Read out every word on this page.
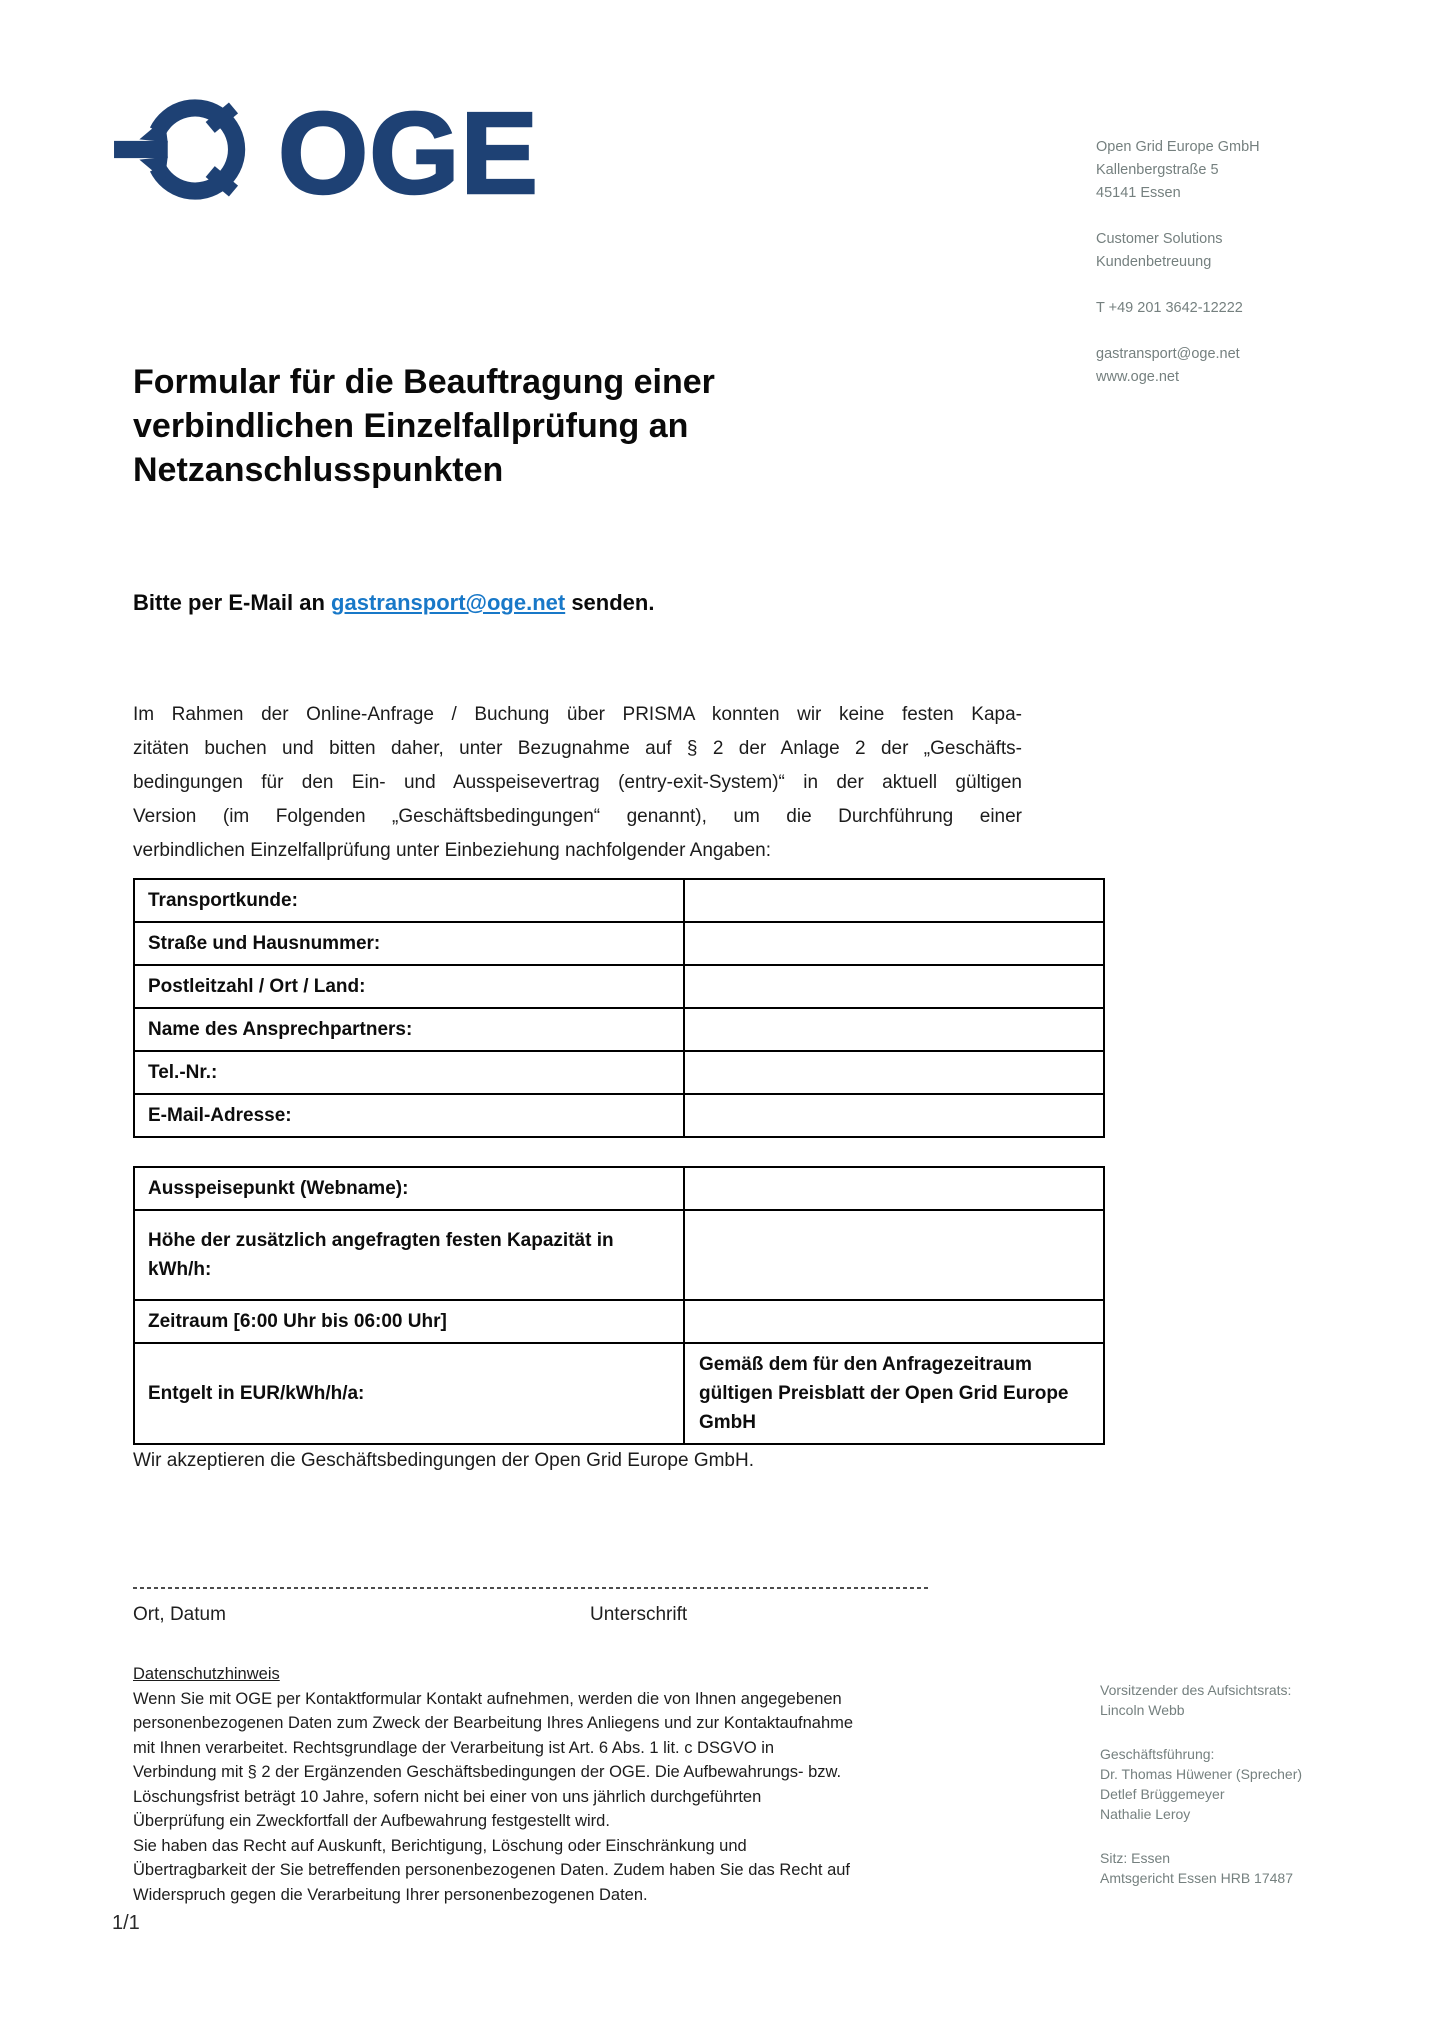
OGE	Open Grid Europe GmbH
Kallenbergstraße 5
45141 Essen
Customer Solutions
Kundenbetreuung
T +49 201 3642-12222
gastransport@oge.net
www.oge.net
Formular für die Beauftragung einer
verbindlichen Einzelfallprüfung an
Netzanschlusspunkten
Bitte per E-Mail an gastransport@oge.net senden.
Im Rahmen der Online-Anfrage / Buchung über PRISMA konnten wir keine festen Kapa-
zitäten buchen und bitten daher, unter Bezugnahme auf § 2 der Anlage 2 der „Geschäfts-
bedingungen für den Ein- und Ausspeisevertrag (entry-exit-System)“ in der aktuell gültigen
Version (im Folgenden „Geschäftsbedingungen“ genannt), um die Durchführung einer
verbindlichen Einzelfallprüfung unter Einbeziehung nachfolgender Angaben:
Transportkunde:
Straße und Hausnummer:
Postleitzahl / Ort / Land:
Name des Ansprechpartners:
Tel.-Nr.:
E-Mail-Adresse:
Ausspeisepunkt (Webname):
Höhe der zusätzlich angefragten festen Kapazität in kWh/h:
Zeitraum [6:00 Uhr bis 06:00 Uhr]
Entgelt in EUR/kWh/h/a:
Gemäß dem für den Anfragezeitraum gültigen Preisblatt der Open Grid Europe GmbH
Wir akzeptieren die Geschäftsbedingungen der Open Grid Europe GmbH.
Ort, Datum	Unterschrift
Datenschutzhinweis
Wenn Sie mit OGE per Kontaktformular Kontakt aufnehmen, werden die von Ihnen angegebenen
personenbezogenen Daten zum Zweck der Bearbeitung Ihres Anliegens und zur Kontaktaufnahme
mit Ihnen verarbeitet. Rechtsgrundlage der Verarbeitung ist Art. 6 Abs. 1 lit. c DSGVO in
Verbindung mit § 2 der Ergänzenden Geschäftsbedingungen der OGE. Die Aufbewahrungs- bzw.
Löschungsfrist beträgt 10 Jahre, sofern nicht bei einer von uns jährlich durchgeführten
Überprüfung ein Zweckfortfall der Aufbewahrung festgestellt wird.
Sie haben das Recht auf Auskunft, Berichtigung, Löschung oder Einschränkung und
Übertragbarkeit der Sie betreffenden personenbezogenen Daten. Zudem haben Sie das Recht auf
Widerspruch gegen die Verarbeitung Ihrer personenbezogenen Daten.
Vorsitzender des Aufsichtsrats:
Lincoln Webb
Geschäftsführung:
Dr. Thomas Hüwener (Sprecher)
Detlef Brüggemeyer
Nathalie Leroy
Sitz: Essen
Amtsgericht Essen HRB 17487
1/1
